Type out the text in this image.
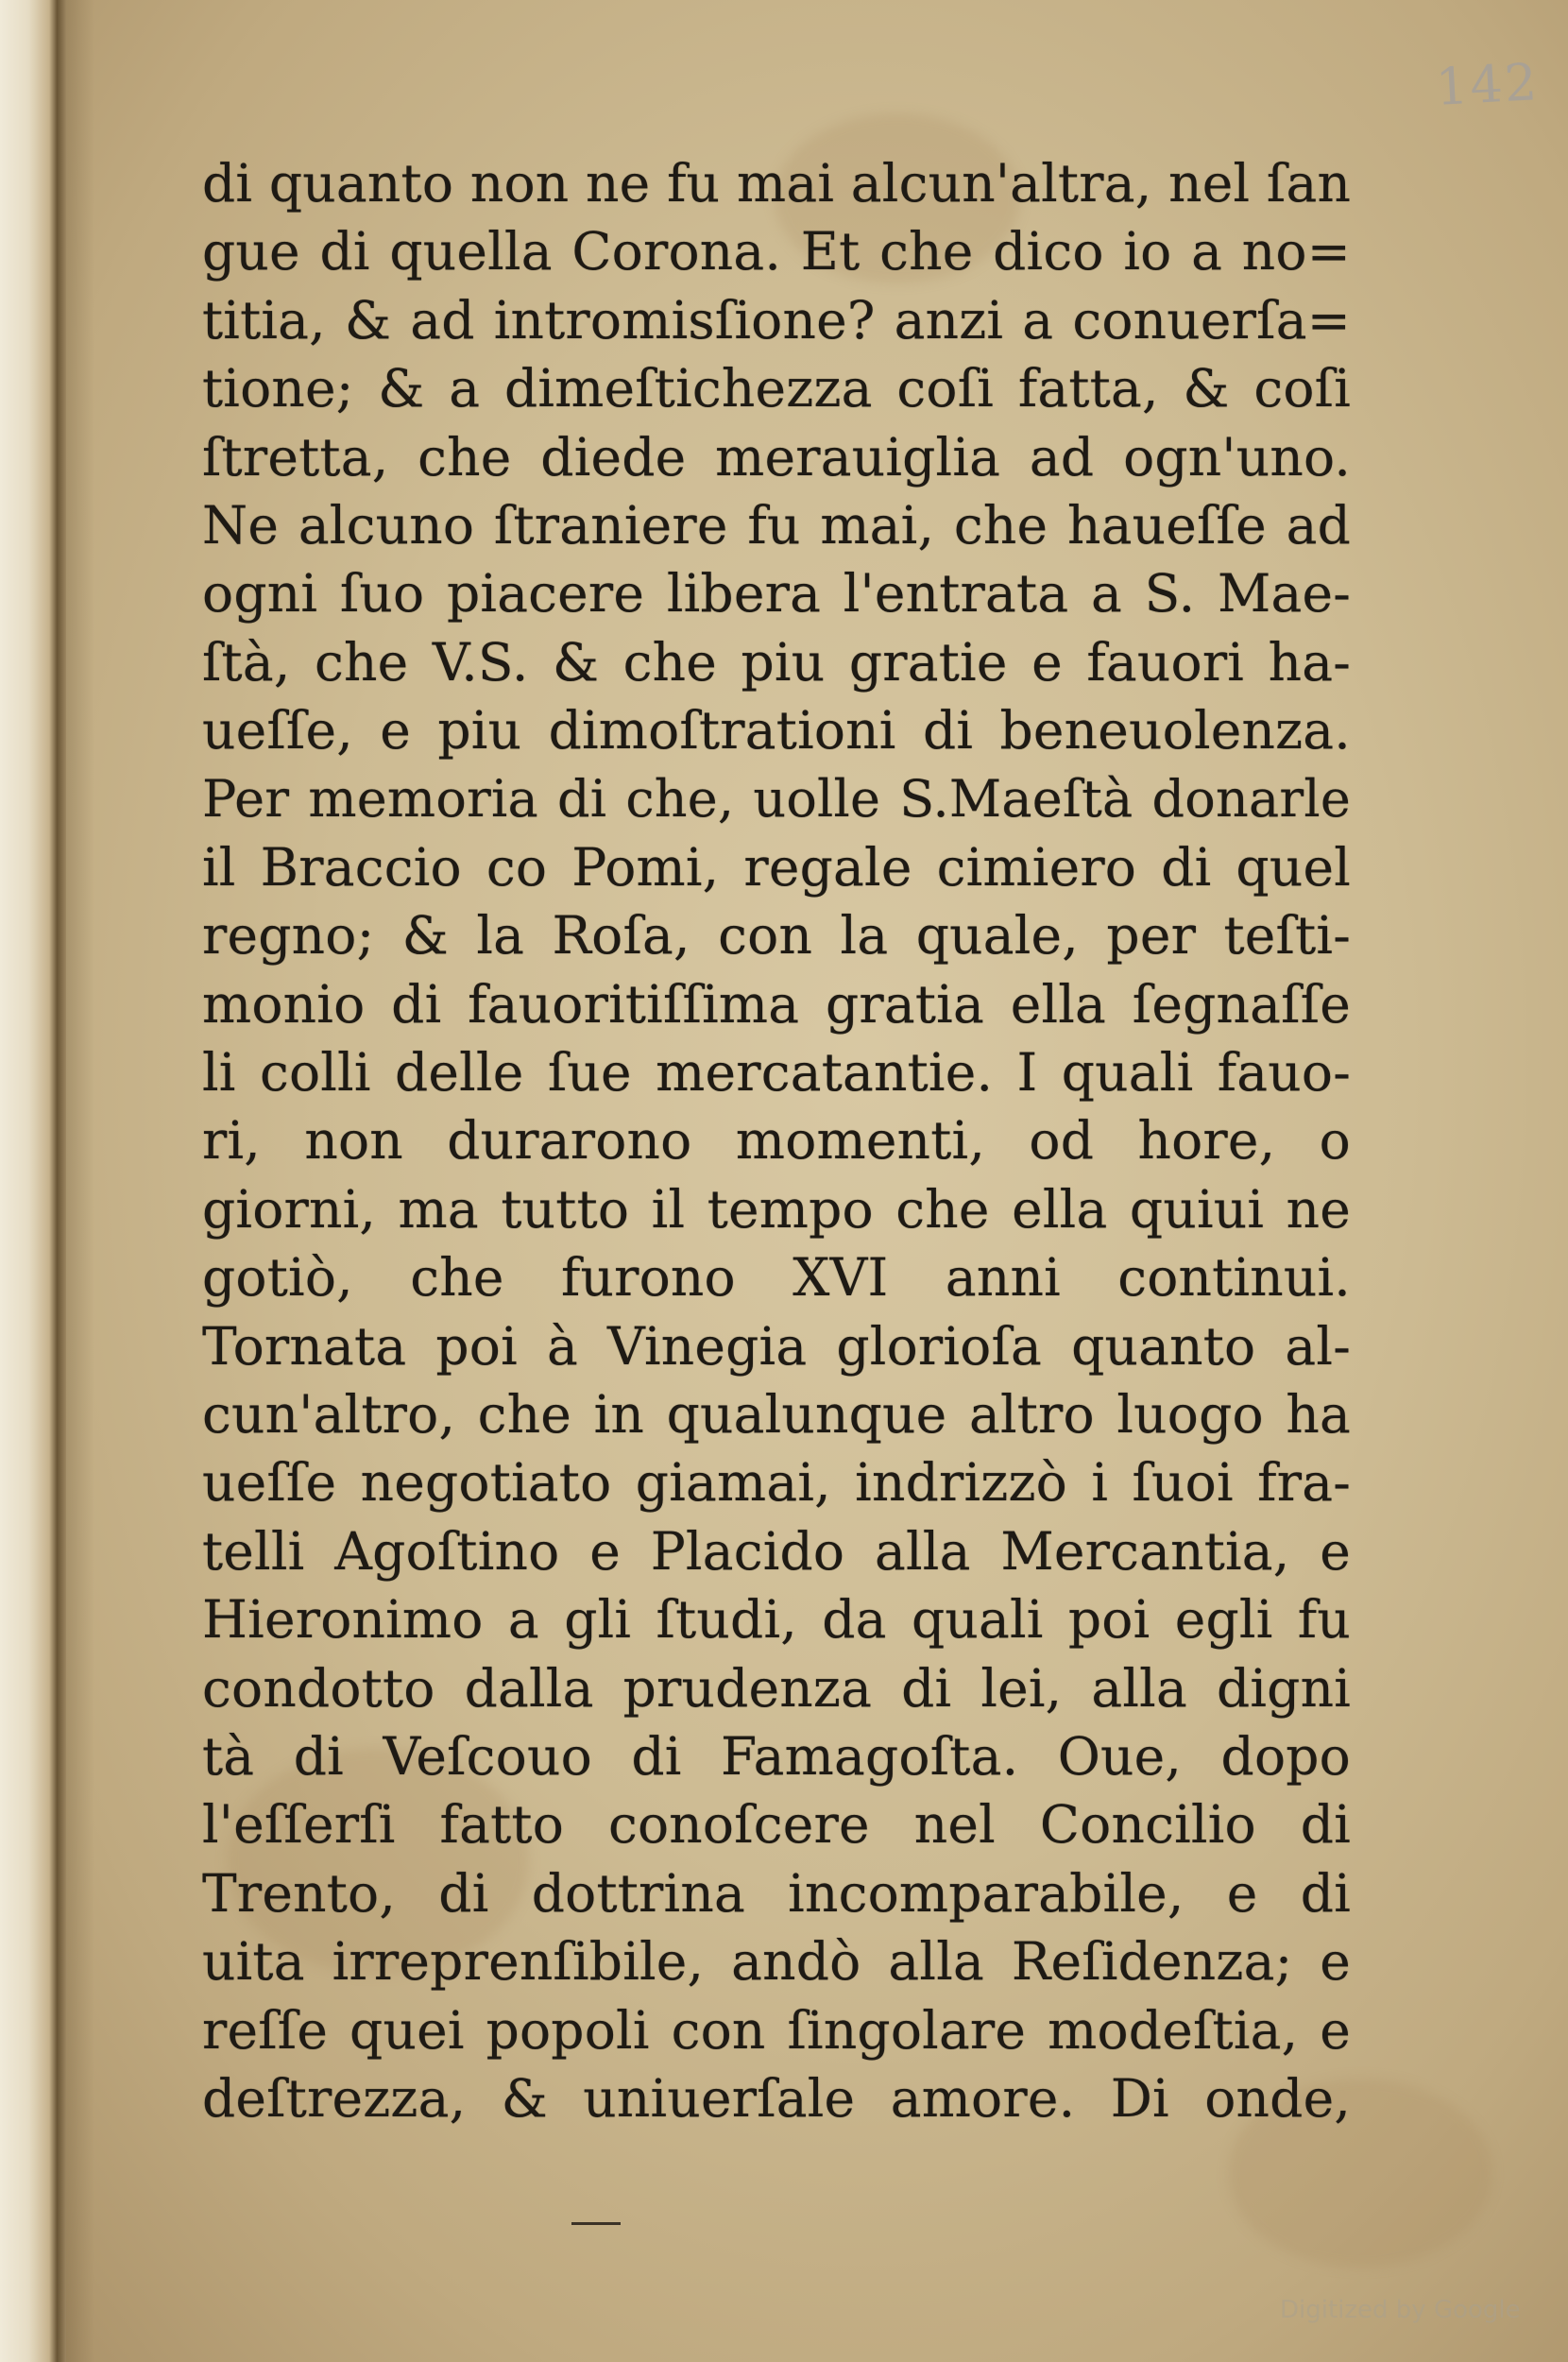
142
di quanto non ne fu mai alcun'altra, nel ſan
gue di quella Corona. Et che dico io a no=
titia, & ad intromisſione? anzi a conuerſa=
tione; & a dimeſtichezza coſi fatta, & coſi
ſtretta, che diede merauiglia ad ogn'uno.
Ne alcuno ſtraniere fu mai, che haueſſe ad
ogni ſuo piacere libera l'entrata a S. Mae-
ſtà, che V.S. & che piu gratie e fauori ha-
ueſſe, e piu dimoſtrationi di beneuolenza.
Per memoria di che, uolle S.Maeſtà donarle
il Braccio co Pomi, regale cimiero di quel
regno; & la Roſa, con la quale, per teſti-
monio di fauoritiſſima gratia ella ſegnaſſe
li colli delle ſue mercatantie. I quali fauo-
ri, non durarono momenti, od hore, o
giorni, ma tutto il tempo che ella quiui ne
gotiò, che furono XVI anni continui.
Tornata poi à Vinegia glorioſa quanto al-
cun'altro, che in qualunque altro luogo ha
ueſſe negotiato giamai, indrizzò i ſuoi fra-
telli Agoſtino e Placido alla Mercantia, e
Hieronimo a gli ſtudi, da quali poi egli fu
condotto dalla prudenza di lei, alla digni
tà di Veſcouo di Famagoſta. Oue, dopo
l'eſſerſi fatto conoſcere nel Concilio di
Trento, di dottrina incomparabile, e di
uita irreprenſibile, andò alla Reſidenza; e
reſſe quei popoli con ſingolare modeſtia, e
deſtrezza, & uniuerſale amore. Di onde,
Digitized by Google
